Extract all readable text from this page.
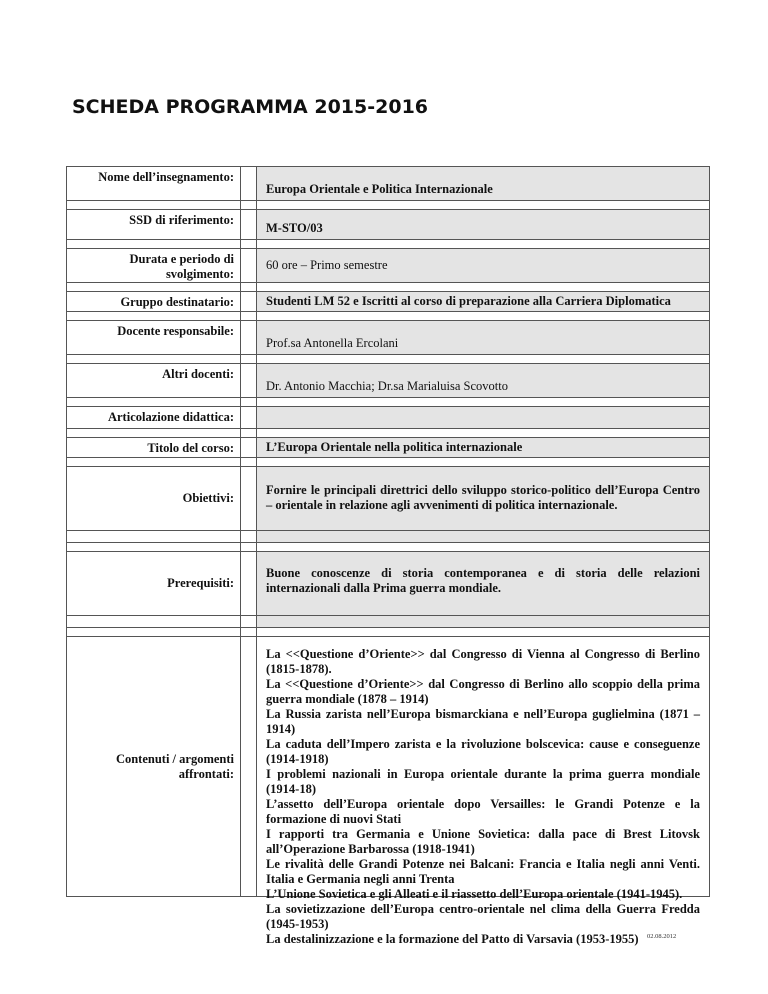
SCHEDA PROGRAMMA 2015-2016
Nome dell’insegnamento:
Europa Orientale e Politica Internazionale
SSD di riferimento:
M-STO/03
Durata e periodo di svolgimento:
60 ore – Primo semestre
Gruppo destinatario:	Studenti LM 52 e Iscritti al corso di preparazione alla Carriera Diplomatica
Docente responsabile:
Prof.sa Antonella Ercolani
Altri docenti:
Dr. Antonio Macchia; Dr.sa Marialuisa Scovotto
Articolazione didattica:
Titolo del corso:	L’Europa Orientale nella politica internazionale
Obiettivi:
Fornire le principali direttrici dello sviluppo storico-politico dell’Europa Centro – orientale in relazione agli avvenimenti di politica internazionale.
Prerequisiti:
Buone conoscenze di storia contemporanea e di storia delle relazioni internazionali dalla Prima guerra mondiale.
Contenuti / argomenti affrontati:
La <<Questione d’Oriente>> dal Congresso di Vienna al Congresso di Berlino (1815-1878).
La <<Questione d’Oriente>> dal Congresso di Berlino allo scoppio della prima guerra mondiale (1878 – 1914)
La Russia zarista nell’Europa bismarckiana e nell’Europa guglielmina (1871 – 1914)
La caduta dell’Impero zarista e la rivoluzione bolscevica: cause e conseguenze (1914-1918)
I problemi nazionali in Europa orientale durante la prima guerra mondiale (1914-18)
L’assetto dell’Europa orientale dopo Versailles: le Grandi Potenze e la formazione di nuovi Stati
I rapporti tra Germania e Unione Sovietica: dalla pace di Brest Litovsk all’Operazione Barbarossa (1918-1941)
Le rivalità delle Grandi Potenze nei Balcani: Francia e Italia negli anni Venti. Italia e Germania negli anni Trenta
L’Unione Sovietica e gli Alleati e il riassetto dell’Europa orientale (1941-1945).
La sovietizzazione dell’Europa centro-orientale nel clima della Guerra Fredda (1945-1953)
La destalinizzazione e la formazione del Patto di Varsavia (1953-1955)	02.08.2012
